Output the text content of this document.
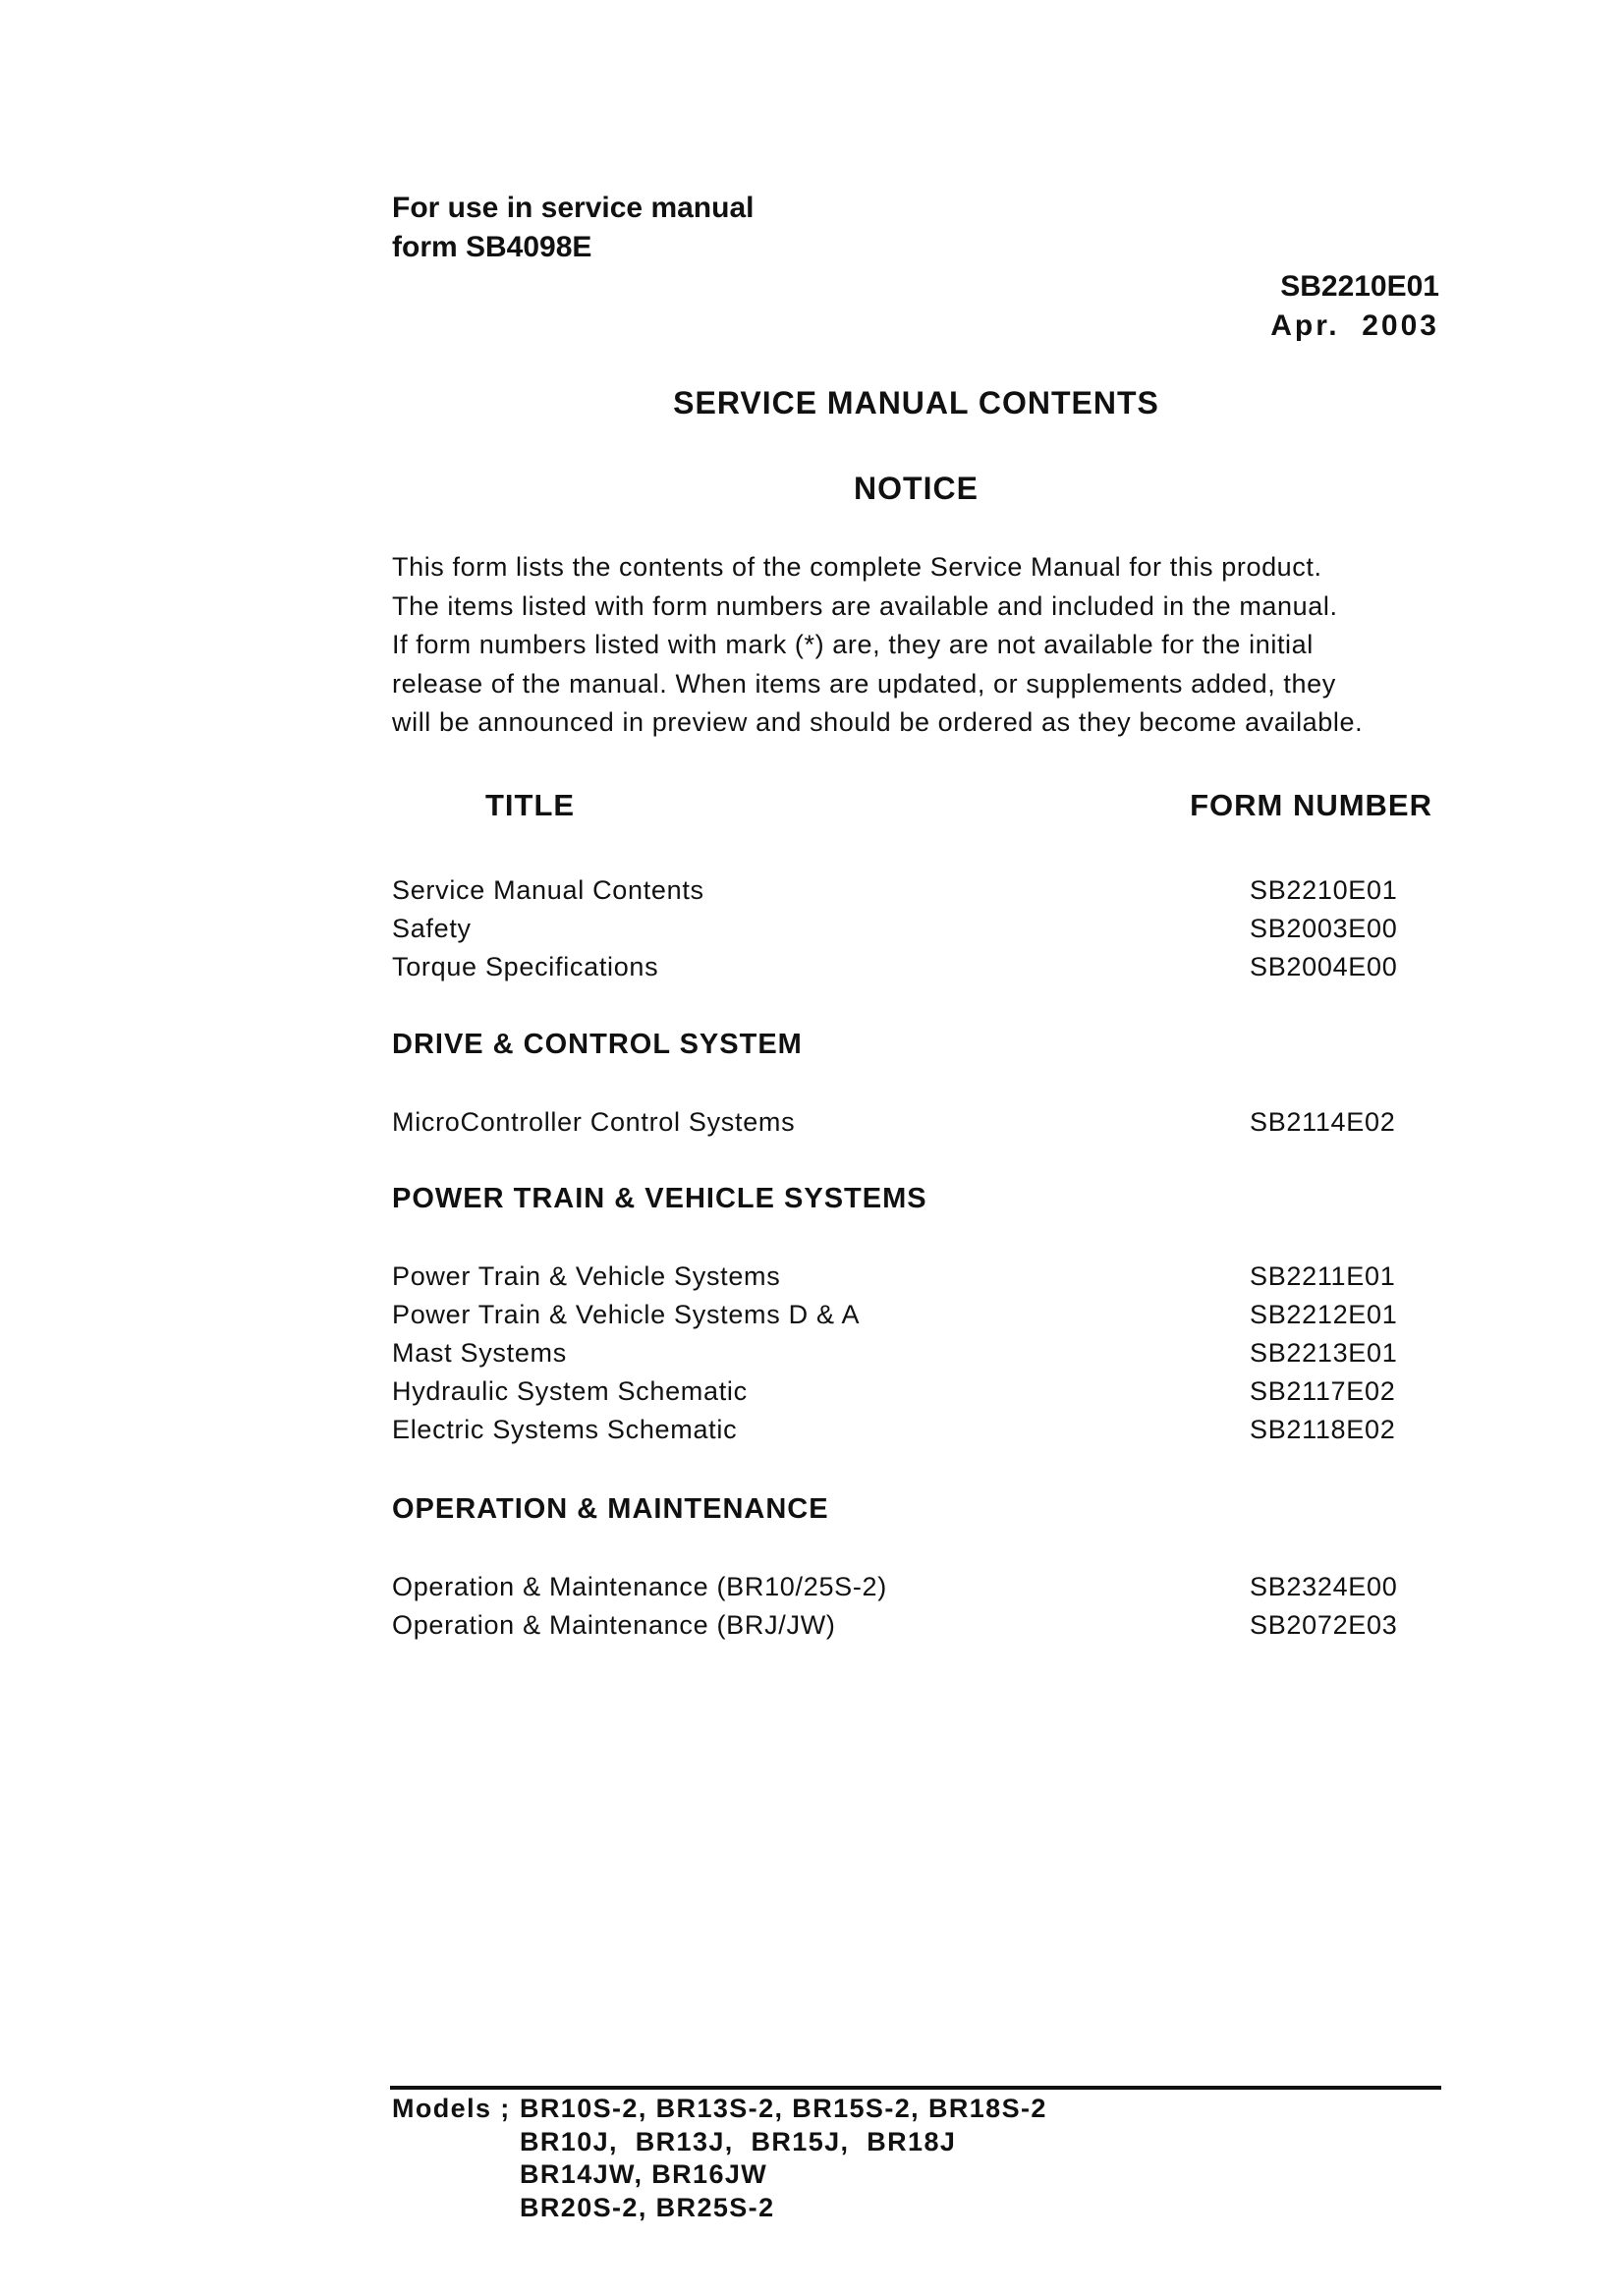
For use in service manual
form SB4098E
SB2210E01
Apr.  2003
SERVICE MANUAL CONTENTS
NOTICE

This form lists the contents of the complete Service Manual for this product.

The items listed with form numbers are available and included in the manual.

If form numbers listed with mark (*) are, they are not available for the initial

release of the manual. When items are updated, or supplements added, they

will be announced in preview and should be ordered as they become available.

TITLE	FORM NUMBER
Service Manual Contents	SB2210E01
Safety	SB2003E00
Torque Specifications	SB2004E00
DRIVE & CONTROL SYSTEM
MicroController Control Systems	SB2114E02
POWER TRAIN & VEHICLE SYSTEMS
Power Train & Vehicle Systems	SB2211E01
Power Train & Vehicle Systems D & A	SB2212E01
Mast Systems	SB2213E01
Hydraulic System Schematic	SB2117E02
Electric Systems Schematic	SB2118E02
OPERATION & MAINTENANCE
Operation & Maintenance (BR10/25S-2)	SB2324E00
Operation & Maintenance (BRJ/JW)	SB2072E03
Models ; BR10S-2, BR13S-2, BR15S-2, BR18S-2
BR10J,  BR13J,  BR15J,  BR18J
BR14JW, BR16JW
BR20S-2, BR25S-2
